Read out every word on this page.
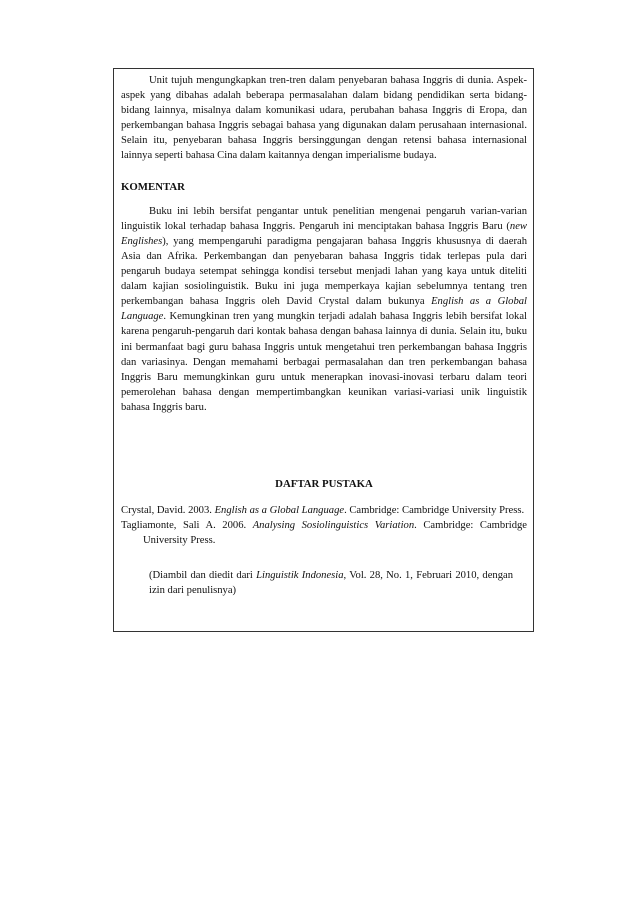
Unit tujuh mengungkapkan tren-tren dalam penyebaran bahasa Inggris di dunia. Aspek-aspek yang dibahas adalah beberapa permasalahan dalam bidang pendidikan serta bidang-bidang lainnya, misalnya dalam komunikasi udara, perubahan bahasa Inggris di Eropa, dan perkembangan bahasa Inggris sebagai bahasa yang digunakan dalam perusahaan internasional. Selain itu, penyebaran bahasa Inggris bersinggungan dengan retensi bahasa internasional lainnya seperti bahasa Cina dalam kaitannya dengan imperialisme budaya.

KOMENTAR

Buku ini lebih bersifat pengantar untuk penelitian mengenai pengaruh varian-varian linguistik lokal terhadap bahasa Inggris. Pengaruh ini menciptakan bahasa Inggris Baru (new Englishes), yang mempengaruhi paradigma pengajaran bahasa Inggris khususnya di daerah Asia dan Afrika. Perkembangan dan penyebaran bahasa Inggris tidak terlepas pula dari pengaruh budaya setempat sehingga kondisi tersebut menjadi lahan yang kaya untuk diteliti dalam kajian sosiolinguistik. Buku ini juga memperkaya kajian sebelumnya tentang tren perkembangan bahasa Inggris oleh David Crystal dalam bukunya English as a Global Language. Kemungkinan tren yang mungkin terjadi adalah bahasa Inggris lebih bersifat lokal karena pengaruh-pengaruh dari kontak bahasa dengan bahasa lainnya di dunia. Selain itu, buku ini bermanfaat bagi guru bahasa Inggris untuk mengetahui tren perkembangan bahasa Inggris dan variasinya. Dengan memahami berbagai permasalahan dan tren perkembangan bahasa Inggris Baru memungkinkan guru untuk menerapkan inovasi-inovasi terbaru dalam teori pemerolehan bahasa dengan mempertimbangkan keunikan variasi-variasi unik linguistik bahasa Inggris baru.

DAFTAR PUSTAKA

Crystal, David. 2003. English as a Global Language. Cambridge: Cambridge University Press.

Tagliamonte, Sali A. 2006. Analysing Sosiolinguistics Variation. Cambridge: Cambridge University Press.

(Diambil dan diedit dari Linguistik Indonesia, Vol. 28, No. 1, Februari 2010, dengan izin dari penulisnya)
